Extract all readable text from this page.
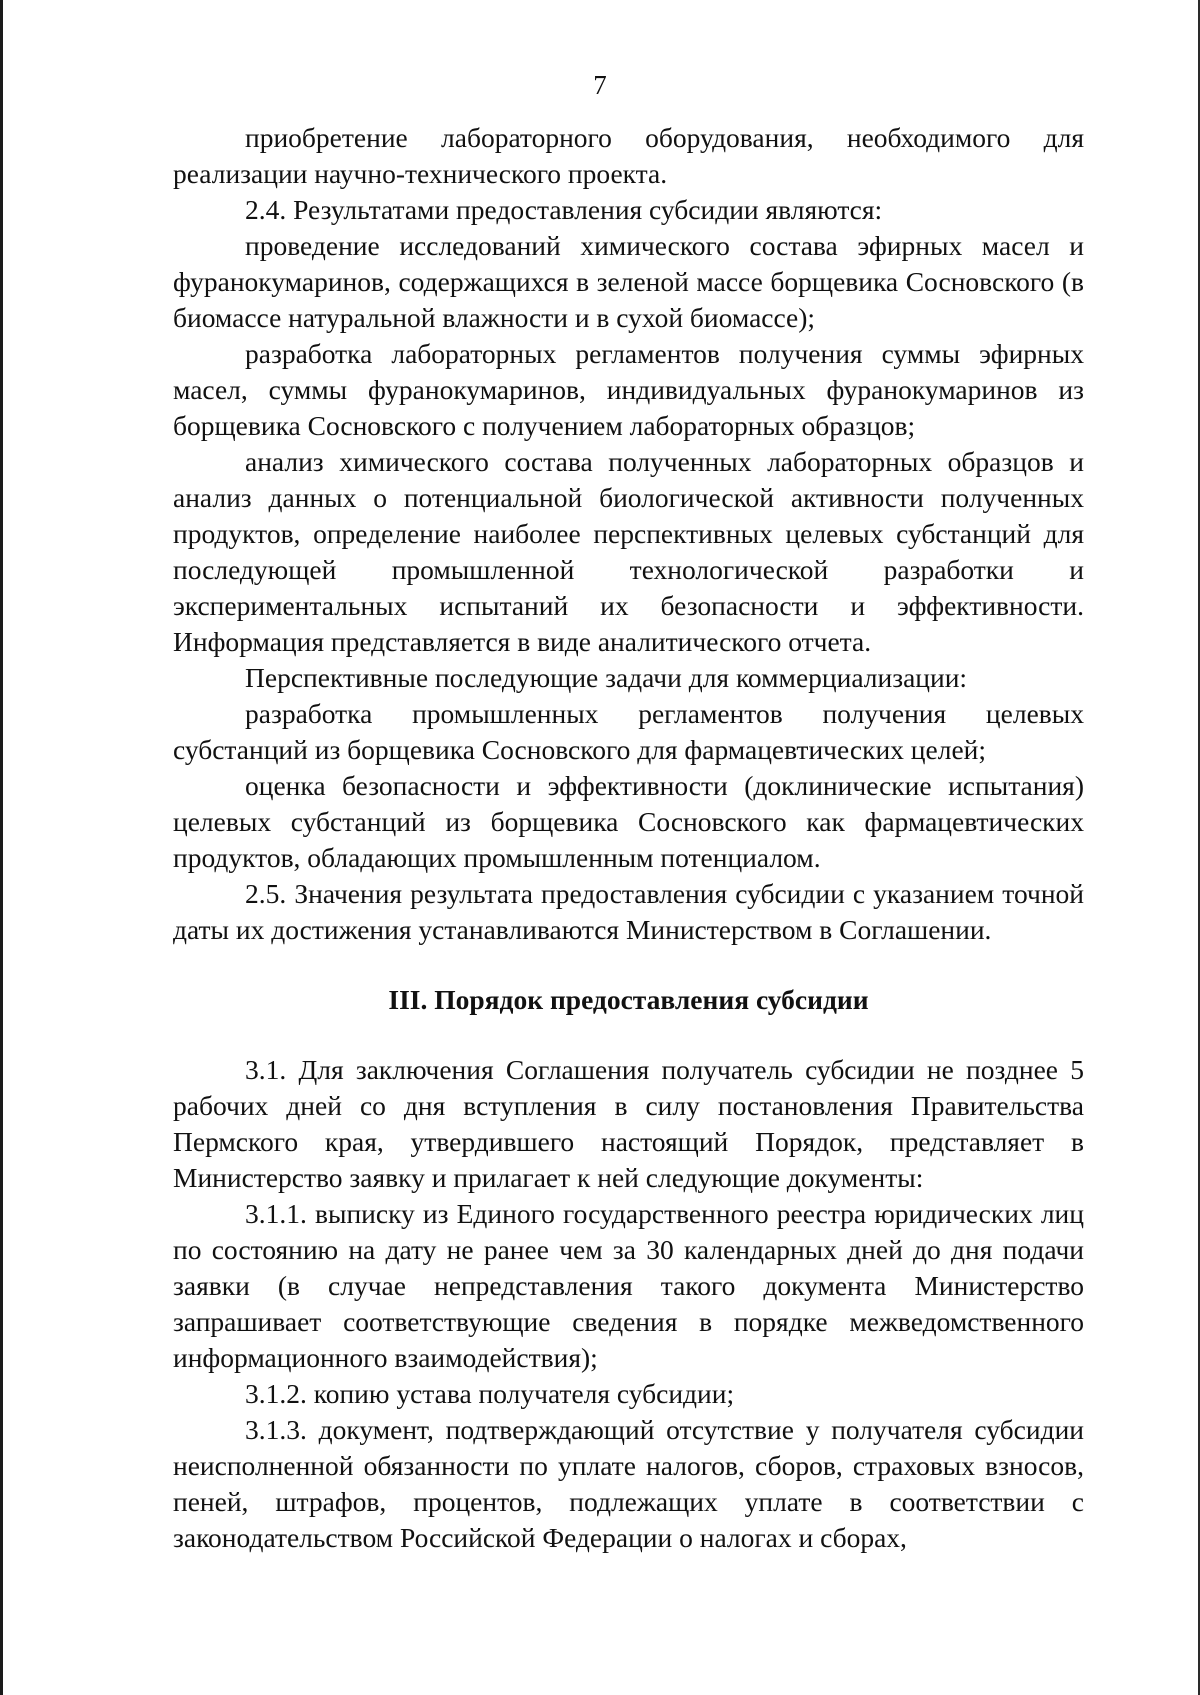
7

приобретение лабораторного оборудования, необходимого для реализации научно-технического проекта.

2.4. Результатами предоставления субсидии являются:

проведение исследований химического состава эфирных масел и фуранокумаринов, содержащихся в зеленой массе борщевика Сосновского (в биомассе натуральной влажности и в сухой биомассе);

разработка лабораторных регламентов получения суммы эфирных масел, суммы фуранокумаринов, индивидуальных фуранокумаринов из борщевика Сосновского с получением лабораторных образцов;

анализ химического состава полученных лабораторных образцов и анализ данных о потенциальной биологической активности полученных продуктов, определение наиболее перспективных целевых субстанций для последующей промышленной технологической разработки и экспериментальных испытаний их безопасности и эффективности. Информация представляется в виде аналитического отчета.

Перспективные последующие задачи для коммерциализации:

разработка промышленных регламентов получения целевых субстанций из борщевика Сосновского для фармацевтических целей;

оценка безопасности и эффективности (доклинические испытания) целевых субстанций из борщевика Сосновского как фармацевтических продуктов, обладающих промышленным потенциалом.

2.5. Значения результата предоставления субсидии с указанием точной даты их достижения устанавливаются Министерством в Соглашении.

III. Порядок предоставления субсидии

3.1. Для заключения Соглашения получатель субсидии не позднее 5 рабочих дней со дня вступления в силу постановления Правительства Пермского края, утвердившего настоящий Порядок, представляет в Министерство заявку и прилагает к ней следующие документы:

3.1.1. выписку из Единого государственного реестра юридических лиц по состоянию на дату не ранее чем за 30 календарных дней до дня подачи заявки (в случае непредставления такого документа Министерство запрашивает соответствующие сведения в порядке межведомственного информационного взаимодействия);

3.1.2. копию устава получателя субсидии;

3.1.3. документ, подтверждающий отсутствие у получателя субсидии неисполненной обязанности по уплате налогов, сборов, страховых взносов, пеней, штрафов, процентов, подлежащих уплате в соответствии с законодательством Российской Федерации о налогах и сборах,
